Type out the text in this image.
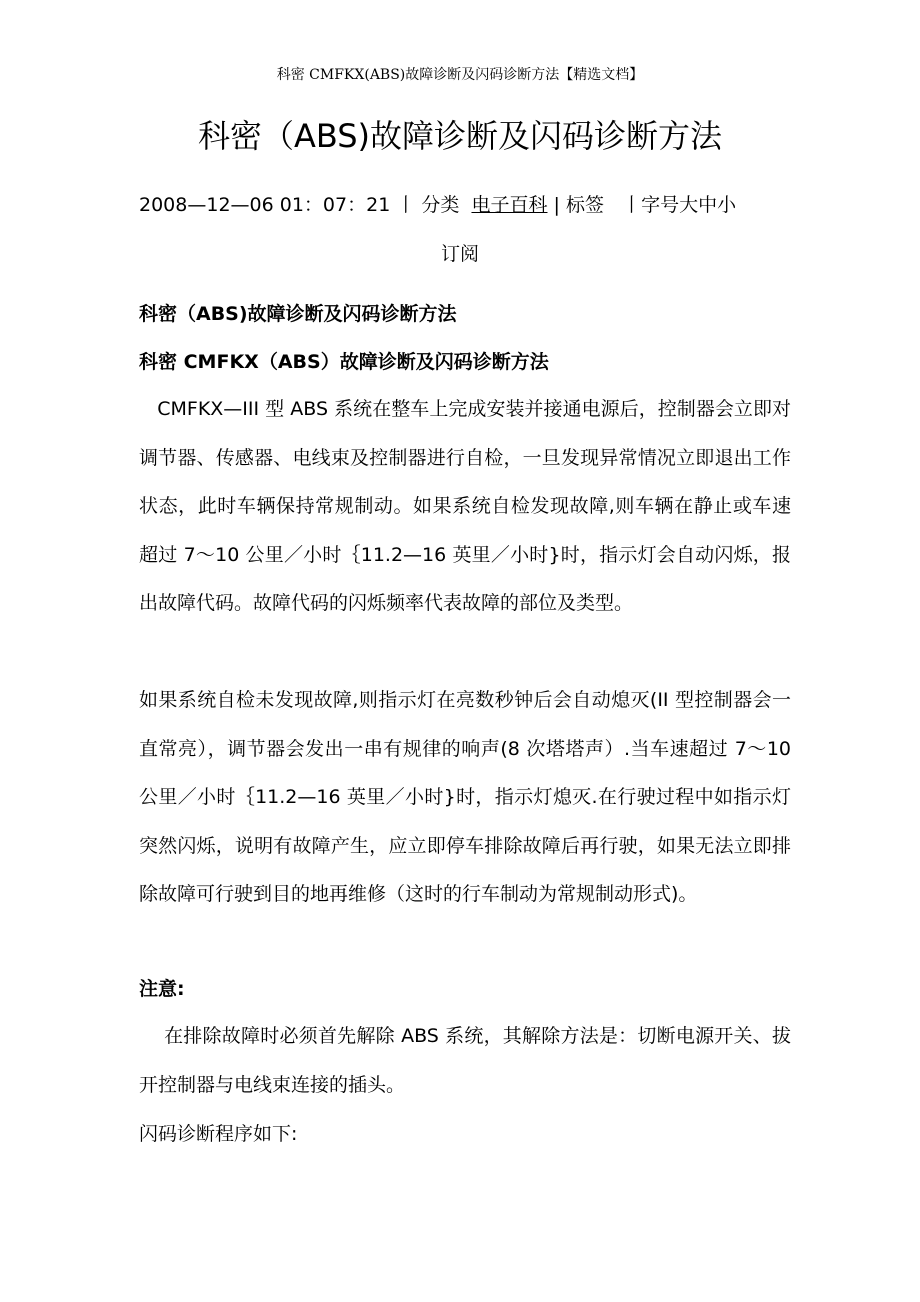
科密 CMFKX(ABS)故障诊断及闪码诊断方法【精选文档】
科密（ABS)故障诊断及闪码诊断方法
2008—12—06 01：07：21 丨 分类 电子百科 | 标签 丨字号大中小
订阅
科密（ABS)故障诊断及闪码诊断方法
科密 CMFKX（ABS）故障诊断及闪码诊断方法

CMFKX—III 型 ABS 系统在整车上完成安装并接通电源后，控制器会立即对调节器、传感器、电线束及控制器进行自检，一旦发现异常情况立即退出工作状态，此时车辆保持常规制动。如果系统自检发现故障,则车辆在静止或车速超过 7～10 公里／小时｛11.2—16 英里／小时}时，指示灯会自动闪烁，报出故障代码。故障代码的闪烁频率代表故障的部位及类型。

如果系统自检未发现故障,则指示灯在亮数秒钟后会自动熄灭(II 型控制器会一直常亮），调节器会发出一串有规律的响声(8 次塔塔声）.当车速超过 7～10 公里／小时｛11.2—16 英里／小时}时，指示灯熄灭.在行驶过程中如指示灯突然闪烁，说明有故障产生，应立即停车排除故障后再行驶，如果无法立即排除故障可行驶到目的地再维修（这时的行车制动为常规制动形式)。

注意:

在排除故障时必须首先解除 ABS 系统，其解除方法是：切断电源开关、拔开控制器与电线束连接的插头。

闪码诊断程序如下:
